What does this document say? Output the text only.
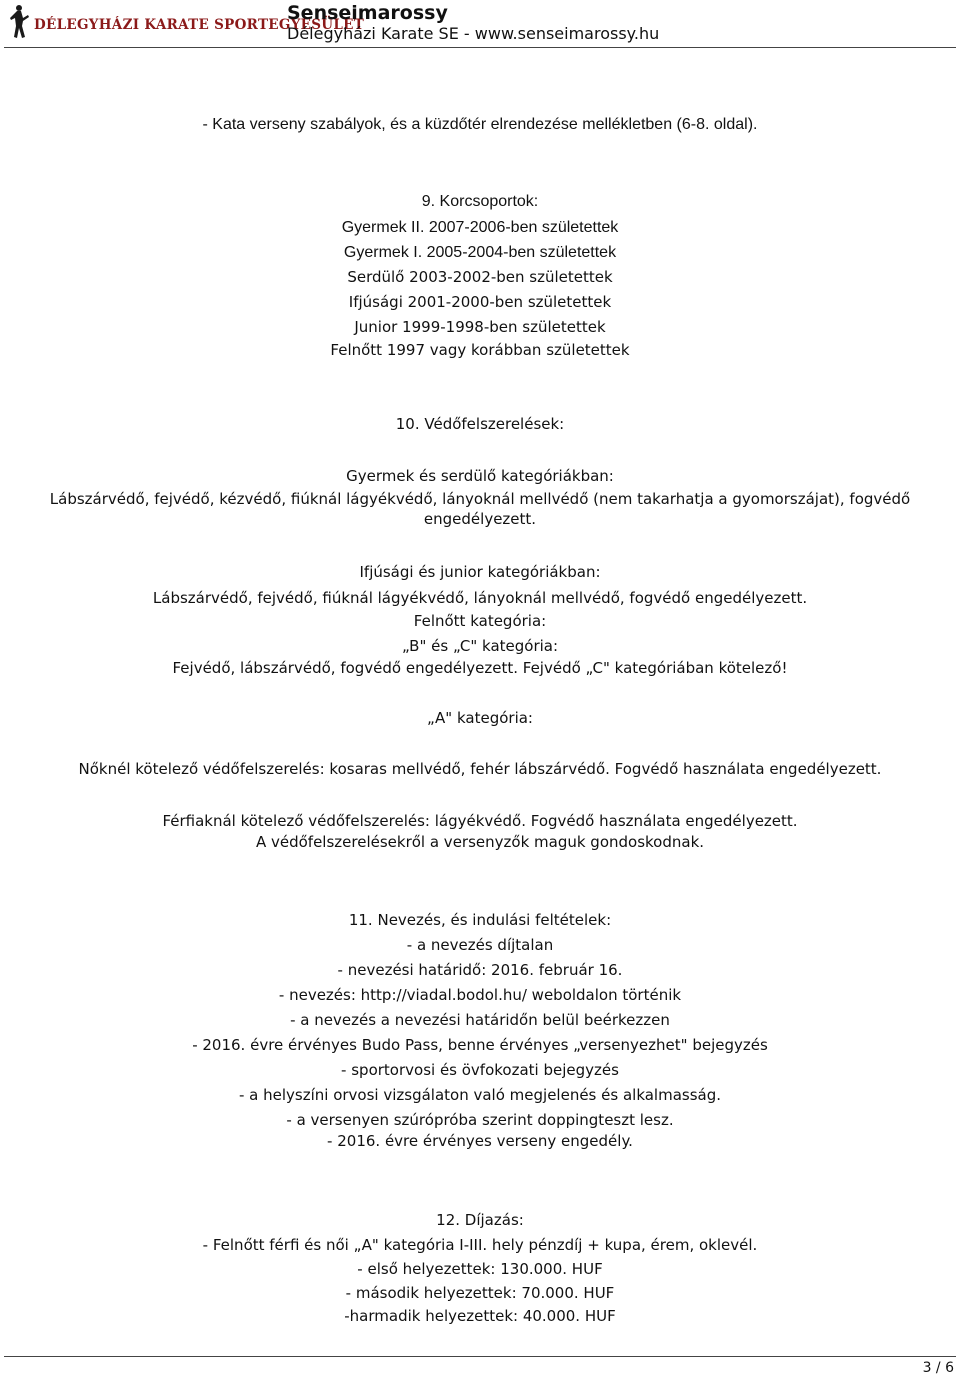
DÉLEGYHÁZI KARATE SPORTEGYESÜLET
Senseimarossy
Délegyházi Karate SE - www.senseimarossy.hu
- Kata verseny szabályok, és a küzdőtér elrendezése mellékletben (6-8. oldal).
9. Korcsoportok:
Gyermek II. 2007-2006-ben születettek
Gyermek I. 2005-2004-ben születettek
Serdülő 2003-2002-ben születettek
Ifjúsági 2001-2000-ben születettek
Junior 1999-1998-ben születettek
Felnőtt 1997 vagy korábban születettek
10. Védőfelszerelések:
Gyermek és serdülő kategóriákban:
Lábszárvédő, fejvédő, kézvédő, fiúknál lágyékvédő, lányoknál mellvédő (nem takarhatja a gyomorszájat), fogvédő
engedélyezett.
Ifjúsági és junior kategóriákban:
Lábszárvédő, fejvédő, fiúknál lágyékvédő, lányoknál mellvédő, fogvédő engedélyezett.
Felnőtt kategória:
„B" és „C" kategória:
Fejvédő, lábszárvédő, fogvédő engedélyezett. Fejvédő „C" kategóriában kötelező!
„A" kategória:
Nőknél kötelező védőfelszerelés: kosaras mellvédő, fehér lábszárvédő. Fogvédő használata engedélyezett.
Férfiaknál kötelező védőfelszerelés: lágyékvédő. Fogvédő használata engedélyezett.
A védőfelszerelésekről a versenyzők maguk gondoskodnak.
11. Nevezés, és indulási feltételek:
- a nevezés díjtalan
- nevezési határidő: 2016. február 16.
- nevezés: http://viadal.bodol.hu/ weboldalon történik
- a nevezés a nevezési határidőn belül beérkezzen
- 2016. évre érvényes Budo Pass, benne érvényes „versenyezhet" bejegyzés
- sportorvosi és övfokozati bejegyzés
- a helyszíni orvosi vizsgálaton való megjelenés és alkalmasság.
- a versenyen szúrópróba szerint doppingteszt lesz.
- 2016. évre érvényes verseny engedély.
12. Díjazás:
- Felnőtt férfi és női „A" kategória I-III. hely pénzdíj + kupa, érem, oklevél.
- első helyezettek: 130.000. HUF
- második helyezettek: 70.000. HUF
-harmadik helyezettek: 40.000. HUF
3 / 6
